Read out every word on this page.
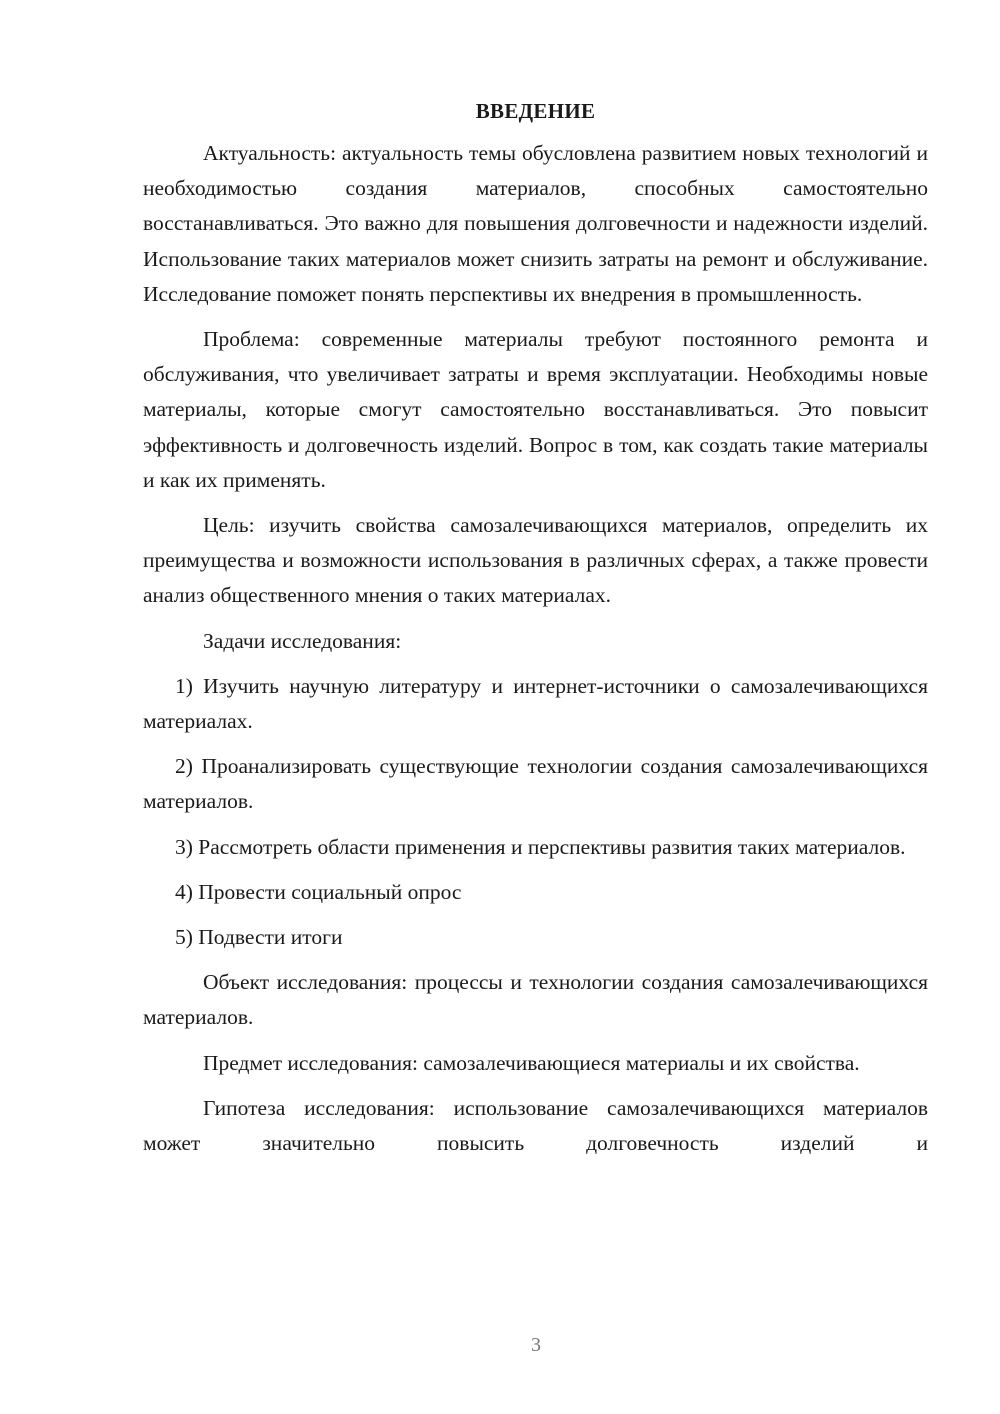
ВВЕДЕНИЕ

Актуальность: актуальность темы обусловлена развитием новых технологий и необходимостью создания материалов, способных самостоятельно восстанавливаться. Это важно для повышения долговечности и надежности изделий. Использование таких материалов может снизить затраты на ремонт и обслуживание. Исследование поможет понять перспективы их внедрения в промышленность.

Проблема: современные материалы требуют постоянного ремонта и обслуживания, что увеличивает затраты и время эксплуатации. Необходимы новые материалы, которые смогут самостоятельно восстанавливаться. Это повысит эффективность и долговечность изделий. Вопрос в том, как создать такие материалы и как их применять.

Цель: изучить свойства самозалечивающихся материалов, определить их преимущества и возможности использования в различных сферах, а также провести анализ общественного мнения о таких материалах.

Задачи исследования:

1) Изучить научную литературу и интернет-источники о самозалечивающихся материалах.

2) Проанализировать существующие технологии создания самозалечивающихся материалов.

3) Рассмотреть области применения и перспективы развития таких материалов.

4) Провести социальный опрос

5) Подвести итоги

Объект исследования: процессы и технологии создания самозалечивающихся материалов.

Предмет исследования: самозалечивающиеся материалы и их свойства.

Гипотеза исследования: использование самозалечивающихся материалов может значительно повысить долговечность изделий и

3
